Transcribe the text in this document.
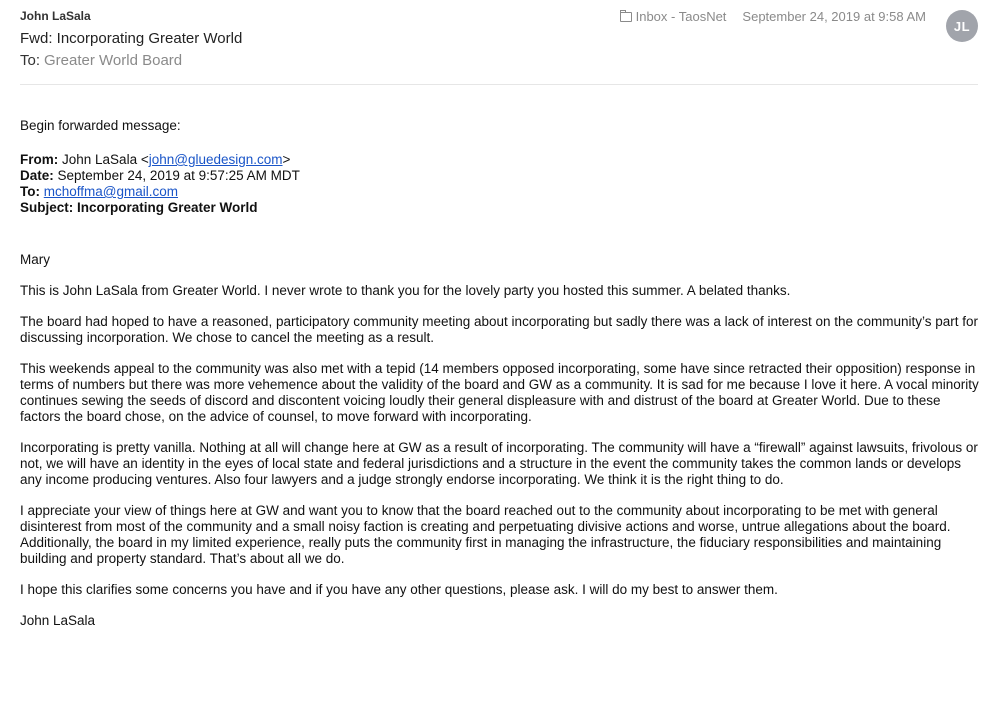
John LaSala
Fwd: Incorporating Greater World
To: Greater World Board
Inbox - TaosNet September 24, 2019 at 9:58 AM
JL
Begin forwarded message:
From: John LaSala <john@gluedesign.com>
Date: September 24, 2019 at 9:57:25 AM MDT
To: mchoffma@gmail.com
Subject: Incorporating Greater World

Mary

This is John LaSala from Greater World. I never wrote to thank you for the lovely party you hosted this summer. A belated thanks.

The board had hoped to have a reasoned, participatory community meeting about incorporating but sadly there was a lack of interest on the community’s part for discussing incorporation. We chose to cancel the meeting as a result.

This weekends appeal to the community was also met with a tepid (14 members opposed incorporating, some have since retracted their opposition) response in terms of numbers but there was more vehemence about the validity of the board and GW as a community. It is sad for me because I love it here. A vocal minority continues sewing the seeds of discord and discontent voicing loudly their general displeasure with and distrust of the board at Greater World. Due to these factors the board chose, on the advice of counsel, to move forward with incorporating.

Incorporating is pretty vanilla. Nothing at all will change here at GW as a result of incorporating. The community will have a “firewall” against lawsuits, frivolous or not, we will have an identity in the eyes of local state and federal jurisdictions and a structure in the event the community takes the common lands or develops any income producing ventures. Also four lawyers and a judge strongly endorse incorporating. We think it is the right thing to do.

I appreciate your view of things here at GW and want you to know that the board reached out to the community about incorporating to be met with general disinterest from most of the community and a small noisy faction is creating and perpetuating divisive actions and worse, untrue allegations about the board. Additionally, the board in my limited experience, really puts the community first in managing the infrastructure, the fiduciary responsibilities and maintaining building and property standard. That’s about all we do.

I hope this clarifies some concerns you have and if you have any other questions, please ask. I will do my best to answer them.

John LaSala
